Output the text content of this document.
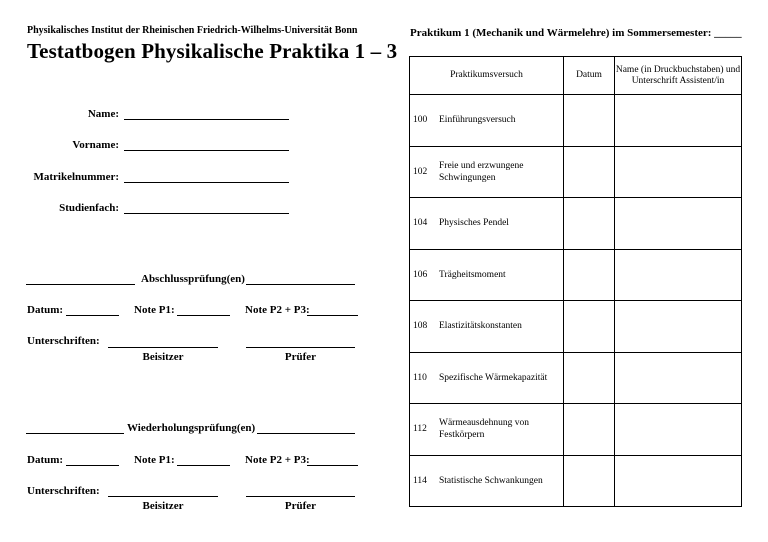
Physikalisches Institut der Rheinischen Friedrich-Wilhelms-Universität Bonn
Testatbogen Physikalische Praktika 1 – 3
Name:
Vorname:
Matrikelnummer:
Studienfach:
Abschlussprüfung(en)
Datum:	Note P1:	Note P2 + P3:
Unterschriften:
Beisitzer	Prüfer
Wiederholungsprüfung(en)
Datum:	Note P1:	Note P2 + P3:
Unterschriften:
Beisitzer	Prüfer
Praktikum 1 (Mechanik und Wärmelehre) im Sommersemester: _____
Praktikumsversuch	Datum	Name (in Druckbuchstaben) und Unterschrift Assistent/in

100 Einführungsversuch		

102
Freie und erzwungene Schwingungen		

104 Physisches Pendel		

106 Trägheitsmoment		

108 Elastizitätskonstanten		

110 Spezifische Wärmekapazität		

112
Wärmeausdehnung von Festkörpern		

114 Statistische Schwankungen		
